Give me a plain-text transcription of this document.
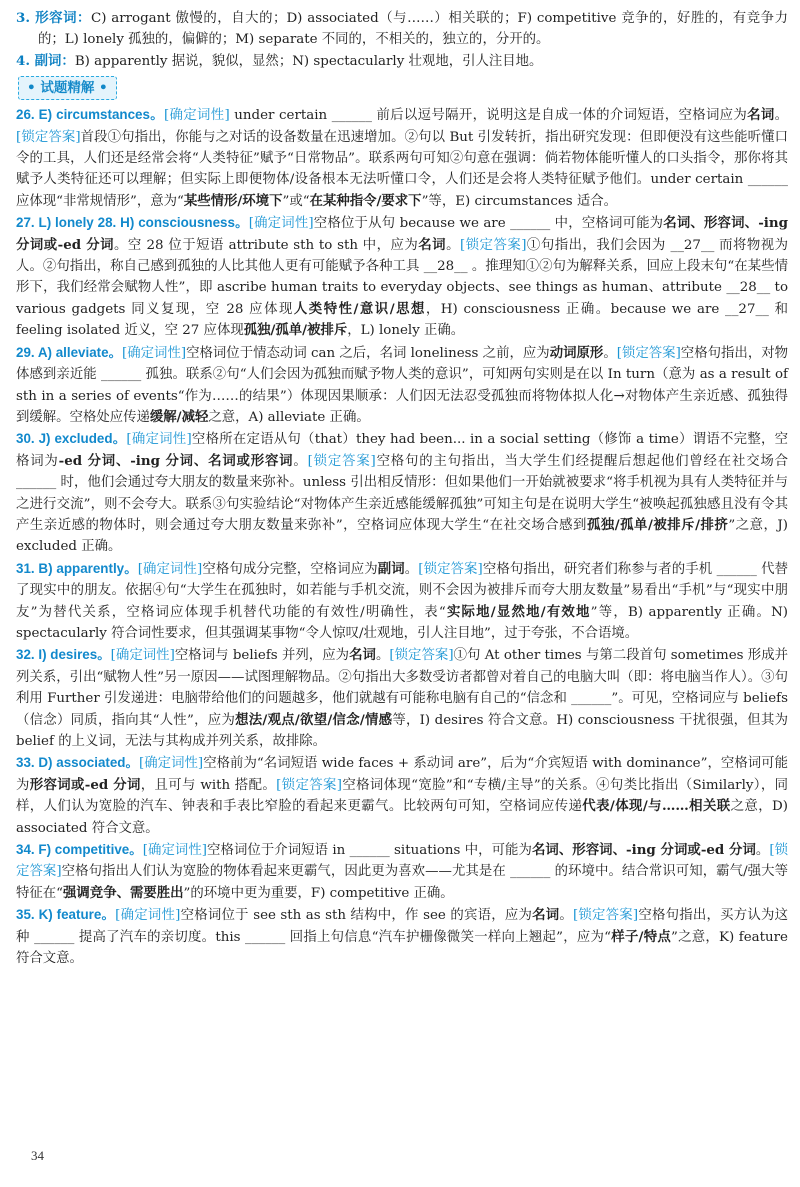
3. 形容词：C) arrogant 傲慢的，自大的；D) associated（与……）相关联的；F) competitive 竞争的，好胜的，有竞争力的；L) lonely 孤独的，偏僻的；M) separate 不同的，不相关的，独立的，分开的。

4. 副词：B) apparently 据说，貌似，显然；N) spectacularly 壮观地，引人注目地。

• 试题精解 •

26. E) circumstances。[确定词性] under certain ______ 前后以逗号隔开，说明这是自成一体的介词短语，空格词应为名词。[锁定答案]首段①句指出，你能与之对话的设备数量在迅速增加。②句以 But 引发转折，指出研究发现：但即便没有这些能听懂口令的工具，人们还是经常会将“人类特征”赋予“日常物品”。联系两句可知②句意在强调：倘若物体能听懂人的口头指令，那你将其赋予人类特征还可以理解；但实际上即便物体/设备根本无法听懂口令，人们还是会将人类特征赋予他们。under certain ______ 应体现“非常规情形”，意为“某些情形/环境下”或“在某种指令/要求下”等，E) circumstances 适合。

27. L) lonely 28. H) consciousness。[确定词性]空格位于从句 because we are ______ 中，空格词可能为名词、形容词、-ing 分词或-ed 分词。空 28 位于短语 attribute sth to sth 中，应为名词。[锁定答案]①句指出，我们会因为 __27__ 而将物视为人。②句指出，称自己感到孤独的人比其他人更有可能赋予各种工具 __28__ 。推理知①②句为解释关系，回应上段末句“在某些情形下，我们经常会赋物人性”，即 ascribe human traits to everyday objects、see things as human、attribute __28__ to various gadgets 同义复现，空 28 应体现人类特性/意识/思想，H) consciousness 正确。because we are __27__ 和 feeling isolated 近义，空 27 应体现孤独/孤单/被排斥，L) lonely 正确。

29. A) alleviate。[确定词性]空格词位于情态动词 can 之后，名词 loneliness 之前，应为动词原形。[锁定答案]空格句指出，对物体感到亲近能 ______ 孤独。联系②句“人们会因为孤独而赋予物人类的意识”，可知两句实则是在以 In turn（意为 as a result of sth in a series of events“作为……的结果”）体现因果顺承：人们因无法忍受孤独而将物体拟人化→对物体产生亲近感、孤独得到缓解。空格处应传递缓解/减轻之意，A) alleviate 正确。

30. J) excluded。[确定词性]空格所在定语从句（that）they had been... in a social setting（修饰 a time）谓语不完整，空格词为-ed 分词、-ing 分词、名词或形容词。[锁定答案]空格句的主句指出，当大学生们经提醒后想起他们曾经在社交场合 ______ 时，他们会通过夸大朋友的数量来弥补。unless 引出相反情形：但如果他们一开始就被要求“将手机视为具有人类特征并与之进行交流”，则不会夸大。联系③句实验结论“对物体产生亲近感能缓解孤独”可知主句是在说明大学生“被唤起孤独感且没有令其产生亲近感的物体时，则会通过夸大朋友数量来弥补”，空格词应体现大学生“在社交场合感到孤独/孤单/被排斥/排挤”之意，J) excluded 正确。

31. B) apparently。[确定词性]空格句成分完整，空格词应为副词。[锁定答案]空格句指出，研究者们称参与者的手机 ______ 代替了现实中的朋友。依据④句“大学生在孤独时，如若能与手机交流，则不会因为被排斥而夸大朋友数量”易看出“手机”与“现实中朋友”为替代关系，空格词应体现手机替代功能的有效性/明确性，表“实际地/显然地/有效地”等，B) apparently 正确。N) spectacularly 符合词性要求，但其强调某事物“令人惊叹/壮观地，引人注目地”，过于夸张，不合语境。

32. I) desires。[确定词性]空格词与 beliefs 并列，应为名词。[锁定答案]①句 At other times 与第二段首句 sometimes 形成并列关系，引出“赋物人性”另一原因——试图理解物品。②句指出大多数受访者都曾对着自己的电脑大叫（即：将电脑当作人）。③句利用 Further 引发递进：电脑带给他们的问题越多，他们就越有可能称电脑有自己的“信念和 ______”。可见，空格词应与 beliefs（信念）同质，指向其“人性”，应为想法/观点/欲望/信念/情感等，I) desires 符合文意。H) consciousness 干扰很强，但其为 belief 的上义词，无法与其构成并列关系，故排除。

33. D) associated。[确定词性]空格前为“名词短语 wide faces + 系动词 are”，后为“介宾短语 with dominance”，空格词可能为形容词或-ed 分词，且可与 with 搭配。[锁定答案]空格词体现“宽脸”和“专横/主导”的关系。④句类比指出（Similarly），同样，人们认为宽脸的汽车、钟表和手表比窄脸的看起来更霸气。比较两句可知，空格词应传递代表/体现/与……相关联之意，D) associated 符合文意。

34. F) competitive。[确定词性]空格词位于介词短语 in ______ situations 中，可能为名词、形容词、-ing 分词或-ed 分词。[锁定答案]空格句指出人们认为宽脸的物体看起来更霸气，因此更为喜欢——尤其是在 ______ 的环境中。结合常识可知，霸气/强大等特征在“强调竞争、需要胜出”的环境中更为重要，F) competitive 正确。

35. K) feature。[确定词性]空格词位于 see sth as sth 结构中，作 see 的宾语，应为名词。[锁定答案]空格句指出，买方认为这种 ______ 提高了汽车的亲切度。this ______ 回指上句信息“汽车护栅像微笑一样向上翘起”，应为“样子/特点”之意，K) feature 符合文意。

34
